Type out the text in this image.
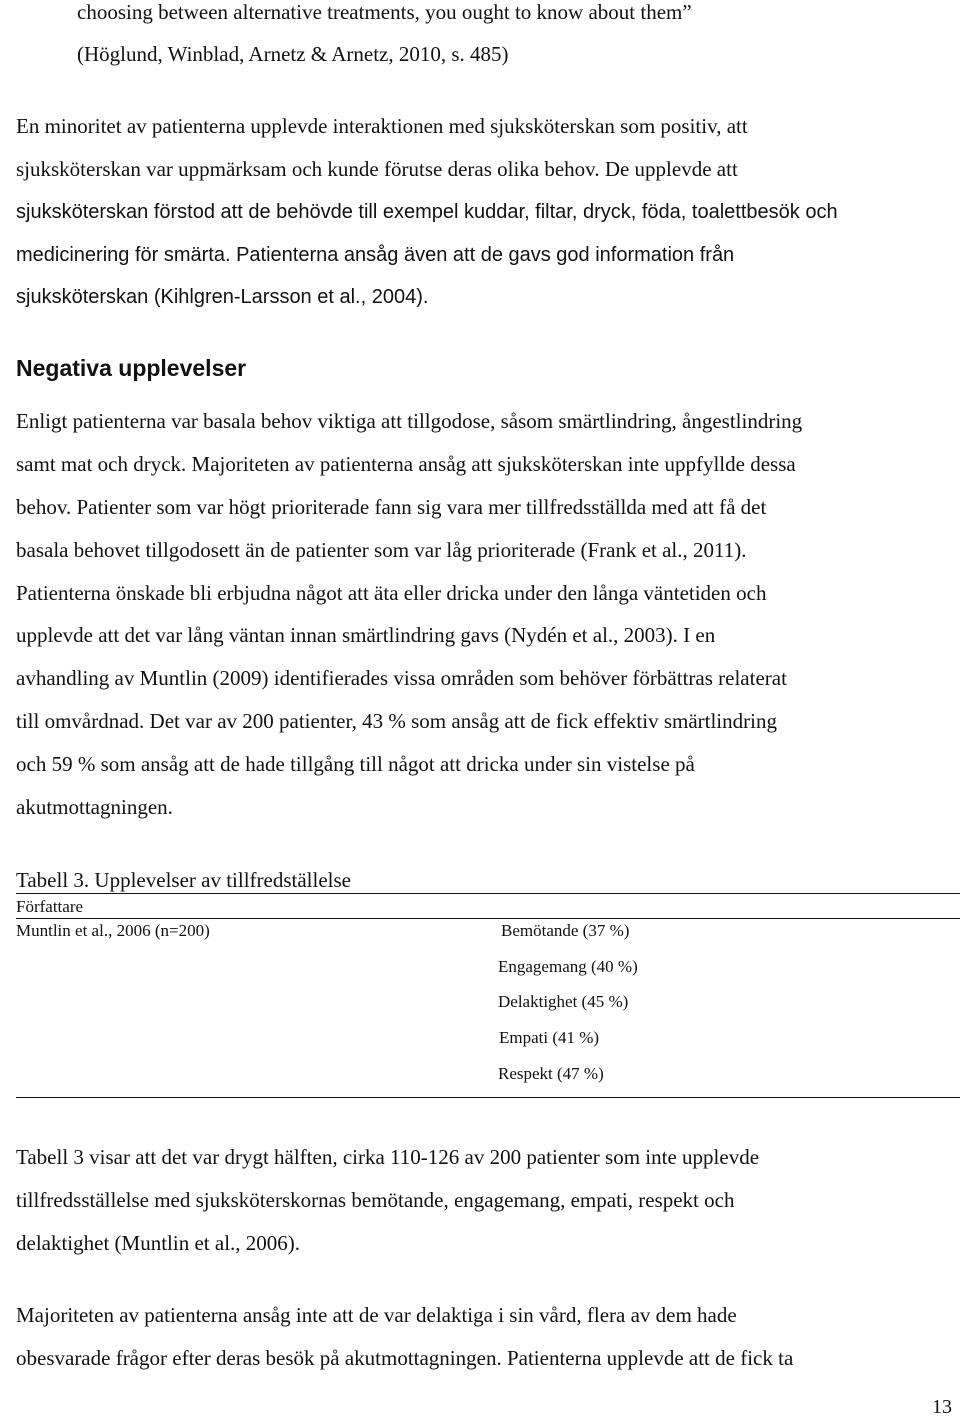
choosing between alternative treatments, you ought to know about them”
(Höglund, Winblad, Arnetz & Arnetz, 2010, s. 485)
En minoritet av patienterna upplevde interaktionen med sjuksköterskan som positiv, att
sjuksköterskan var uppmärksam och kunde förutse deras olika behov. De upplevde att
sjuksköterskan förstod att de behövde till exempel kuddar, filtar, dryck, föda, toalettbesök och
medicinering för smärta. Patienterna ansåg även att de gavs god information från
sjuksköterskan (Kihlgren-Larsson et al., 2004).
Negativa upplevelser
Enligt patienterna var basala behov viktiga att tillgodose, såsom smärtlindring, ångestlindring
samt mat och dryck. Majoriteten av patienterna ansåg att sjuksköterskan inte uppfyllde dessa
behov. Patienter som var högt prioriterade fann sig vara mer tillfredsställda med att få det
basala behovet tillgodosett än de patienter som var låg prioriterade (Frank et al., 2011).
Patienterna önskade bli erbjudna något att äta eller dricka under den långa väntetiden och
upplevde att det var lång väntan innan smärtlindring gavs (Nydén et al., 2003). I en
avhandling av Muntlin (2009) identifierades vissa områden som behöver förbättras relaterat
till omvårdnad. Det var av 200 patienter, 43 % som ansåg att de fick effektiv smärtlindring
och 59 % som ansåg att de hade tillgång till något att dricka under sin vistelse på
akutmottagningen.
Tabell 3. Upplevelser av tillfredställelse
Författare
Muntlin et al., 2006 (n=200)	Bemötande (37 %)
Engagemang (40 %)
Delaktighet (45 %)
Empati (41 %)
Respekt (47 %)
Tabell 3 visar att det var drygt hälften, cirka 110-126 av 200 patienter som inte upplevde
tillfredsställelse med sjuksköterskornas bemötande, engagemang, empati, respekt och
delaktighet (Muntlin et al., 2006).
Majoriteten av patienterna ansåg inte att de var delaktiga i sin vård, flera av dem hade
obesvarade frågor efter deras besök på akutmottagningen. Patienterna upplevde att de fick ta
13
